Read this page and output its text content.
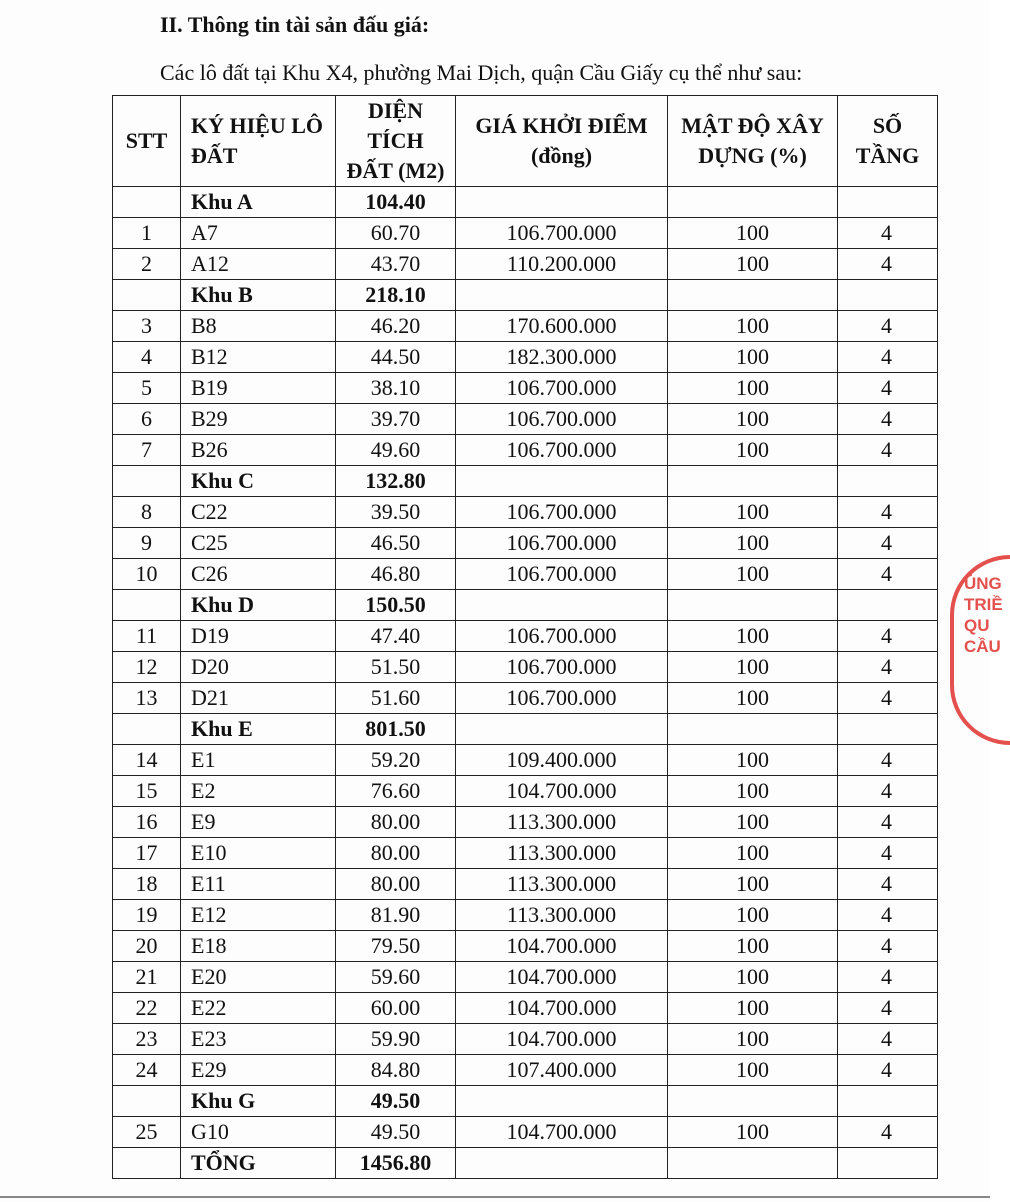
II. Thông tin tài sản đấu giá:
Các lô đất tại Khu X4, phường Mai Dịch, quận Cầu Giấy cụ thể như sau:
STT	KÝ HIỆU LÔ ĐẤT	DIỆN TÍCH ĐẤT (M2)	GIÁ KHỞI ĐIỂM (đồng)	MẬT ĐỘ XÂY DỰNG (%)	SỐ TẦNG
	Khu A	104.40			
1	A7	60.70	106.700.000	100	4
2	A12	43.70	110.200.000	100	4
	Khu B	218.10			
3	B8	46.20	170.600.000	100	4
4	B12	44.50	182.300.000	100	4
5	B19	38.10	106.700.000	100	4
6	B29	39.70	106.700.000	100	4
7	B26	49.60	106.700.000	100	4
	Khu C	132.80			
8	C22	39.50	106.700.000	100	4
9	C25	46.50	106.700.000	100	4
10	C26	46.80	106.700.000	100	4
	Khu D	150.50			
11	D19	47.40	106.700.000	100	4
12	D20	51.50	106.700.000	100	4
13	D21	51.60	106.700.000	100	4
	Khu E	801.50			
14	E1	59.20	109.400.000	100	4
15	E2	76.60	104.700.000	100	4
16	E9	80.00	113.300.000	100	4
17	E10	80.00	113.300.000	100	4
18	E11	80.00	113.300.000	100	4
19	E12	81.90	113.300.000	100	4
20	E18	79.50	104.700.000	100	4
21	E20	59.60	104.700.000	100	4
22	E22	60.00	104.700.000	100	4
23	E23	59.90	104.700.000	100	4
24	E29	84.80	107.400.000	100	4
	Khu G	49.50			
25	G10	49.50	104.700.000	100	4
	TỔNG	1456.80			
ỦNG
TRIỀ
QU
CẦU
